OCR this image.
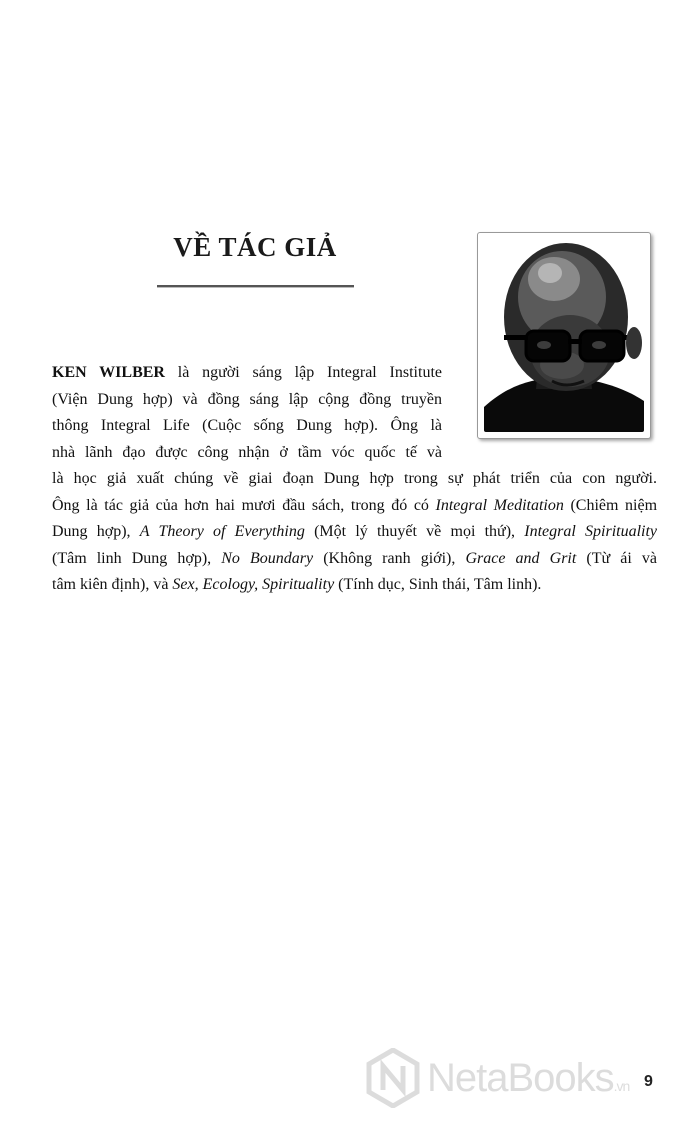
VỀ TÁC GIẢ
KEN WILBER là người sáng lập Integral Institute
(Viện Dung hợp) và đồng sáng lập cộng đồng truyền
thông Integral Life (Cuộc sống Dung hợp). Ông là
nhà lãnh đạo được công nhận ở tầm vóc quốc tế và
là học giả xuất chúng về giai đoạn Dung hợp trong sự phát triển của con người.
Ông là tác giả của hơn hai mươi đầu sách, trong đó có Integral Meditation (Chiêm niệm
Dung hợp), A Theory of Everything (Một lý thuyết về mọi thứ), Integral Spirituality
(Tâm linh Dung hợp), No Boundary (Không ranh giới), Grace and Grit (Từ ái và
tâm kiên định), và Sex, Ecology, Spirituality (Tính dục, Sinh thái, Tâm linh).
NetaBooks.vn 9
